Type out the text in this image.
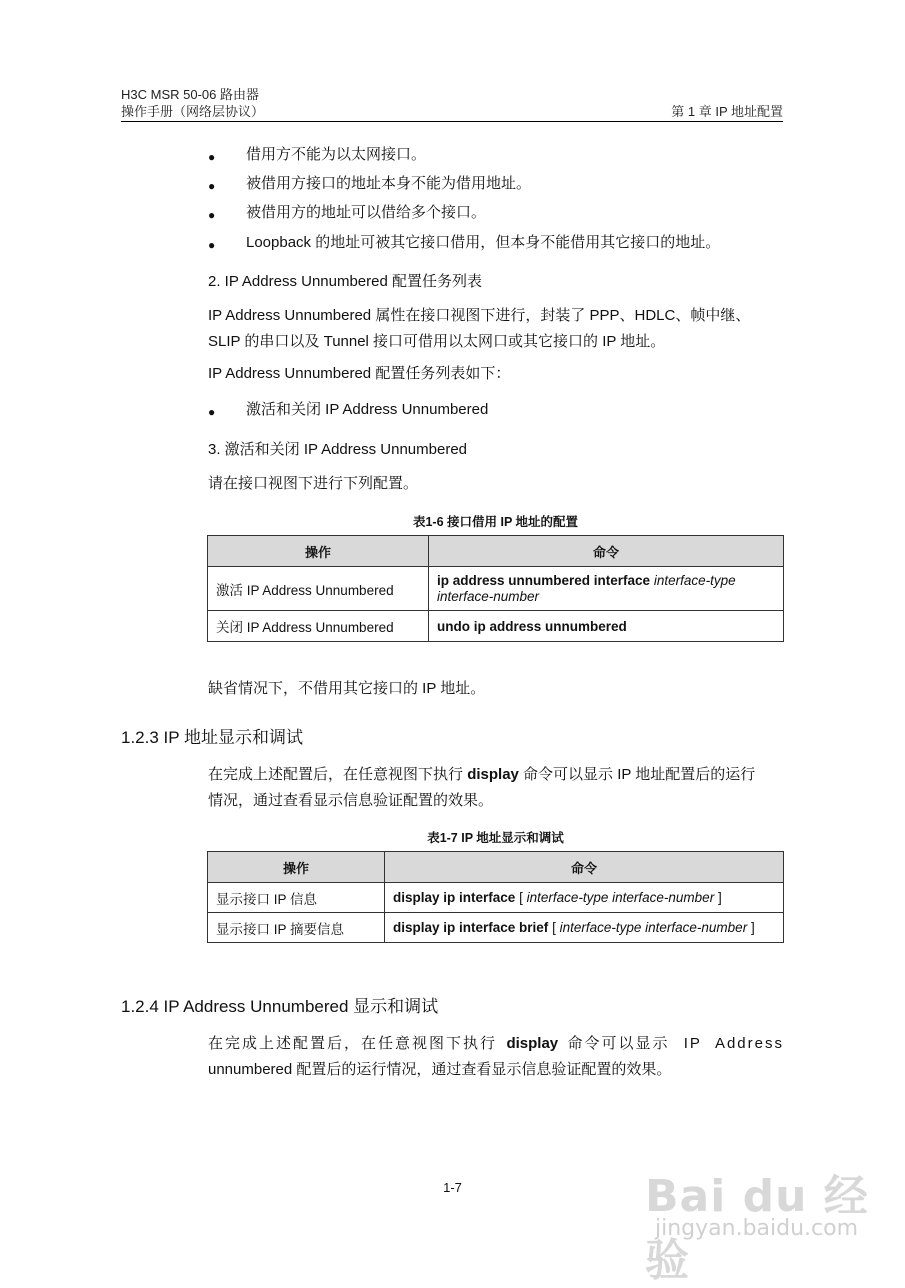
H3C MSR 50-06 路由器
操作手册（网络层协议）	第 1 章 IP 地址配置
● 借用方不能为以太网接口。
● 被借用方接口的地址本身不能为借用地址。
● 被借用方的地址可以借给多个接口。
● Loopback 的地址可被其它接口借用，但本身不能借用其它接口的地址。
2. IP Address Unnumbered 配置任务列表
IP Address Unnumbered 属性在接口视图下进行，封装了 PPP、HDLC、帧中继、
SLIP 的串口以及 Tunnel 接口可借用以太网口或其它接口的 IP 地址。
IP Address Unnumbered 配置任务列表如下：
● 激活和关闭 IP Address Unnumbered
3. 激活和关闭 IP Address Unnumbered
请在接口视图下进行下列配置。
表1-6 接口借用 IP 地址的配置
操作	命令
激活 IP Address Unnumbered	ip address unnumbered interface interface-type
interface-number
关闭 IP Address Unnumbered	undo ip address unnumbered
缺省情况下，不借用其它接口的 IP 地址。
1.2.3 IP 地址显示和调试
在完成上述配置后，在任意视图下执行 display 命令可以显示 IP 地址配置后的运行
情况，通过查看显示信息验证配置的效果。
表1-7 IP 地址显示和调试
操作	命令
显示接口 IP 信息	display ip interface [ interface-type interface-number ]
显示接口 IP 摘要信息	display ip interface brief [ interface-type interface-number ]
1.2.4 IP Address Unnumbered 显示和调试
在完成上述配置后，在任意视图下执行 display 命令可以显示 IP Address
unnumbered 配置后的运行情况，通过查看显示信息验证配置的效果。
1-7	Bai du 经验
jingyan.baidu.com
